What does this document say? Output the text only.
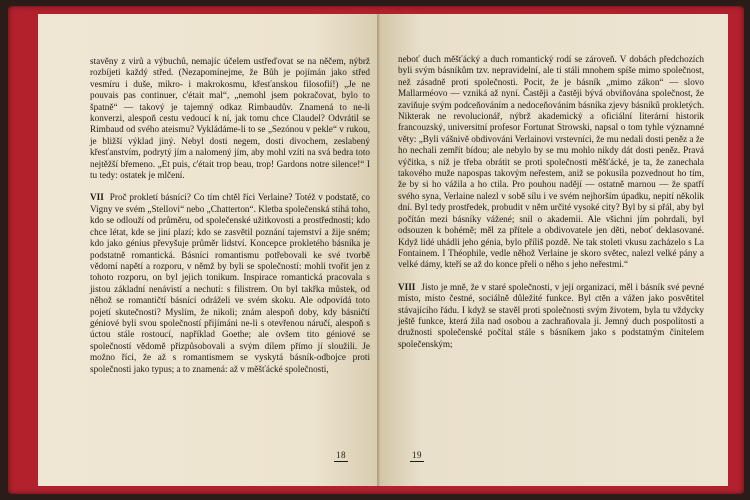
stavěny z virů a výbuchů, nemajíc účelem ustřeďovat se na něčem, nýbrž rozbíjeti každý střed. (Nezapomínejme, že Bůh je pojímán jako střed vesmíru i duše, mikro- i makrokosmu, křesťanskou filosofií!) „Je ne pouvais pas continuer, c'était mal“, „nemohl jsem pokračovat, bylo to špatně“ — takový je tajemný odkaz Rimbaudův. Znamená to ne-li konverzi, alespoň cestu vedoucí k ní, jak tomu chce Claudel? Odvrátil se Rimbaud od svého ateismu? Vykládáme-li to se „Sezónou v pekle“ v rukou, je bližší výklad jiný. Nebyl dosti negem, dosti divochem, zeslabený křesťanstvím, podrytý jím a nalomený jím, aby mohl vzíti na svá bedra toto nejtěžší břemeno. „Et puis, c'était trop beau, trop! Gardons notre silence!“ I tu tedy: ostatek je mlčení.

VII Proč prokletí básníci? Co tím chtěl říci Verlaine? Totéž v podstatě, co Vigny ve svém „Stellovi“ nebo „Chatterton“. Kletba společenská stíhá toho, kdo se odlouží od průměru, od společenské užitkovosti a prostřednosti; kdo chce létat, kde se jiní plazí; kdo se zasvětil poznání tajemství a žije sném; kdo jako génius převyšuje průměr lidství. Koncepce prokletého básníka je podstatně romantická. Básníci romantismu potřebovali ke své tvorbě vědomí napětí a rozporu, v němž by byli se společností: mohli tvořit jen z tohoto rozporu, on byl jejich tonikum. Inspirace romantická pracovala s jistou základní nenávistí a nechutí: s filistrem. On byl takřka můstek, od něhož se romantičtí básníci odráželi ve svém skoku. Ale odpovídá toto pojetí skutečnosti? Myslím, že nikoli; znám alespoň doby, kdy básničtí géniové byli svou společností přijímáni ne-li s otevřenou náručí, alespoň s úctou stále rostoucí, například Goethe; ale ovšem tito géniové se společností vědomě přizpůsobovali a svým dílem přímo jí sloužili. Je možno říci, že až s romantismem se vyskytá básník-odbojce proti společnosti jako typus; a to znamená: až v měšťácké společnosti,

18

neboť duch měšťácký a duch romantický rodí se zároveň. V dobách předchozích byli svým básníkům tzv. nepravidelní, ale ti stáli mnohem spíše mimo společnost, než zásadně proti společnosti. Pocit, že je básník „mimo zákon“ — slovo Mallarméovo — vzniká až nyní. Častěji a častěji bývá obviňována společnost, že zaviňuje svým podceňováním a nedoceňováním básníka zjevy básníků prokletých. Nikterak ne revolucionář, nýbrž akademický a oficiální literární historik francouzský, universitní profesor Fortunat Strowski, napsal o tom tyhle významné věty: „Byli vášnivě obdivováni Verlainovi vrstevníci, že mu nedali dosti peněz a že ho nechali zemřít bídou; ale nebylo by se mu mohlo nikdy dát dosti peněz. Pravá výčitka, s níž je třeba obrátit se proti společnosti měšťácké, je ta, že zanechala takového muže napospas takovým neřestem, aniž se pokusila pozvednout ho tím, že by si ho vážila a ho ctila. Pro pouhou nadějí — ostatně marnou — že spatří svého syna, Verlaine nalezl v sobě sílu i ve svém nejhorším úpadku, nepití několik dní. Byl tedy prostředek, probudit v něm určité vysoké city? Byl by si přál, aby byl počítán mezi básníky vážené; snil o akademii. Ale všichni jím pohrdali, byl odsouzen k bohémě; měl za přítele a obdivovatele jen děti, neboť deklasované. Když lidé uhádli jeho génia, bylo příliš pozdě. Ne tak stoleti vkusu zacházelo s La Fontainem. I Théophile, vedle něhož Verlaine je skoro světec, nalezl velké pány a velké dámy, kteří se až do konce přeli o něho s jeho neřestmi.“

VIII Jisto je mně, že v staré společnosti, v její organizaci, měl i básník své pevné místo, místo čestné, sociálně důležité funkce. Byl ctěn a vážen jako posvětitel stávajícího řádu. I když se stavěl proti společnosti svým životem, byla tu vždycky ještě funkce, která žila nad osobou a zachraňovala ji. Jemný duch pospolitosti a družnosti společenské počítal stále s básníkem jako s podstatným činitelem společenským;

19
